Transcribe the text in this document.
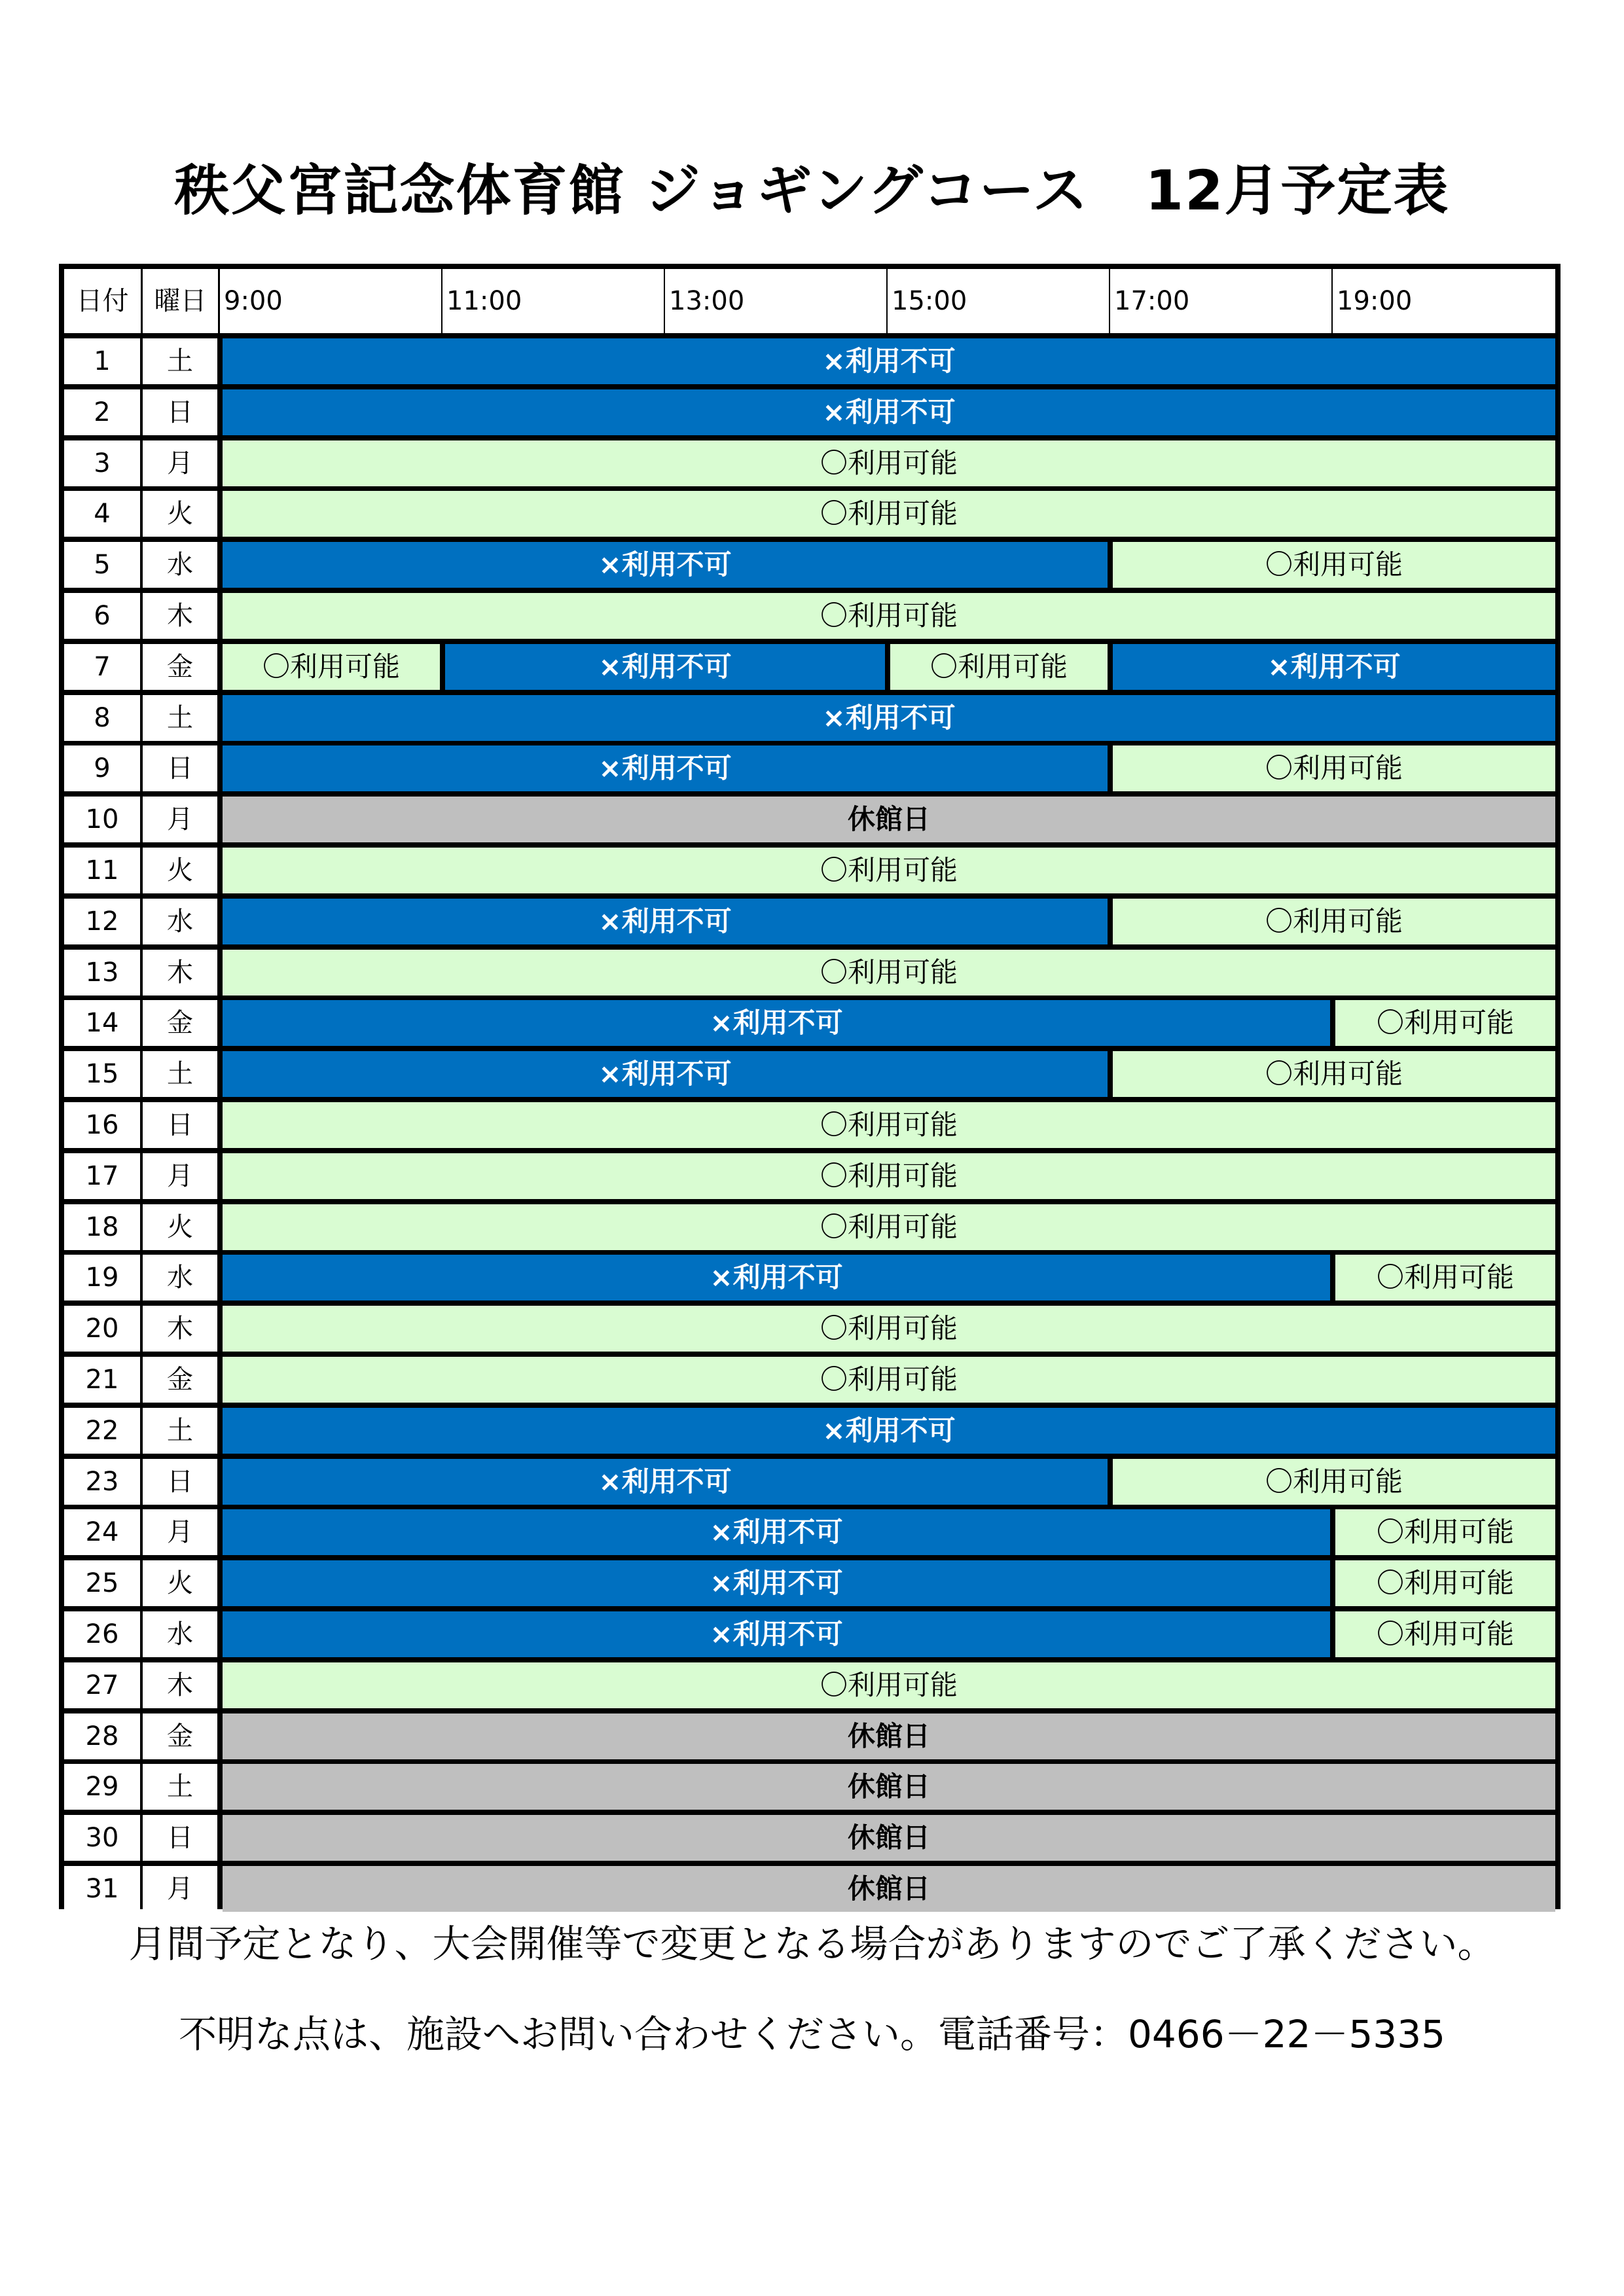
秩父宮記念体育館 ジョギングコース　12月予定表
日付 曜日 9:00	11:00	13:00	15:00	17:00	19:00
1	土	×利用不可
2	日	×利用不可
3	月	〇利用可能
4	火	〇利用可能
5	水	×利用不可	〇利用可能
6	木	〇利用可能
7	金	〇利用可能	×利用不可	〇利用可能	×利用不可
8	土	×利用不可
9	日	×利用不可	〇利用可能
10	月	休館日
11	火	〇利用可能
12	水	×利用不可	〇利用可能
13	木	〇利用可能
14	金	×利用不可	〇利用可能
15	土	×利用不可	〇利用可能
16	日	〇利用可能
17	月	〇利用可能
18	火	〇利用可能
19	水	×利用不可	〇利用可能
20	木	〇利用可能
21	金	〇利用可能
22	土	×利用不可
23	日	×利用不可	〇利用可能
24	月	×利用不可	〇利用可能
25	火	×利用不可	〇利用可能
26	水	×利用不可	〇利用可能
27	木	〇利用可能
28	金	休館日
29	土	休館日
30	日	休館日
31	月	休館日
月間予定となり、大会開催等で変更となる場合がありますのでご了承ください。
不明な点は、施設へお問い合わせください。電話番号：0466－22－5335
